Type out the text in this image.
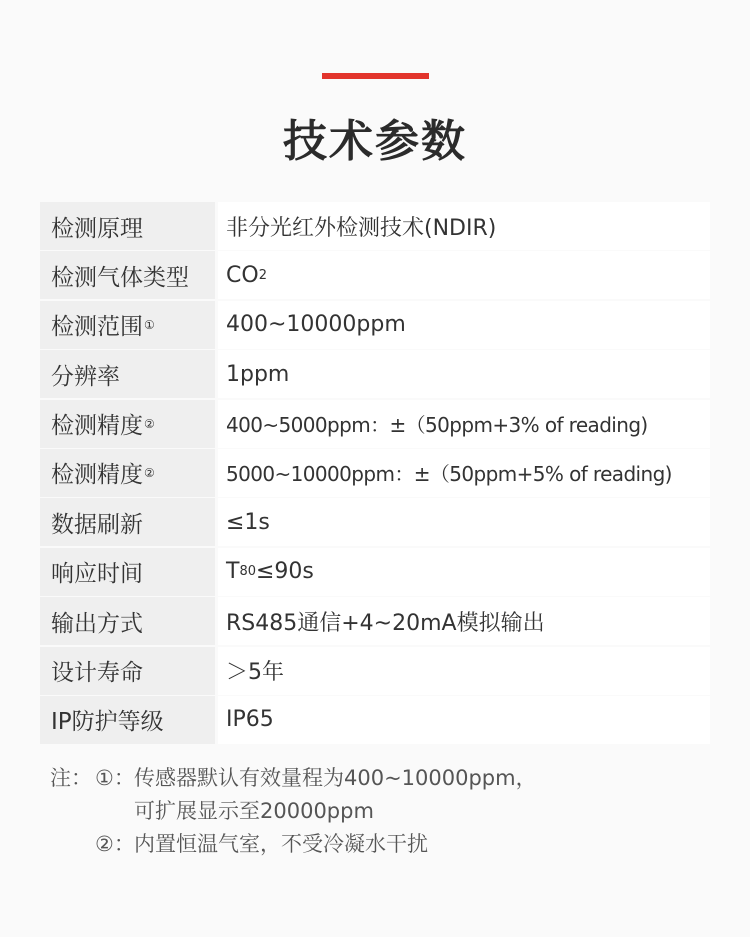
技术参数
检测原理	非分光红外检测技术(NDIR)
检测气体类型 CO 2
检测范围 ①	400~10000ppm
分辨率	1ppm
检测精度 ②	400~5000ppm：±（50ppm+3% of reading)
检测精度 ②	5000~10000ppm：±（50ppm+5% of reading)
数据刷新	≤1s
响应时间	T 80 ≤90s
输出方式	RS485通信+4~20mA模拟输出
设计寿命	＞5年
IP防护等级	IP65
注： ①： 传感器默认有效量程为400~10000ppm，
可扩展显示至20000ppm
②： 内置恒温气室，不受冷凝水干扰
